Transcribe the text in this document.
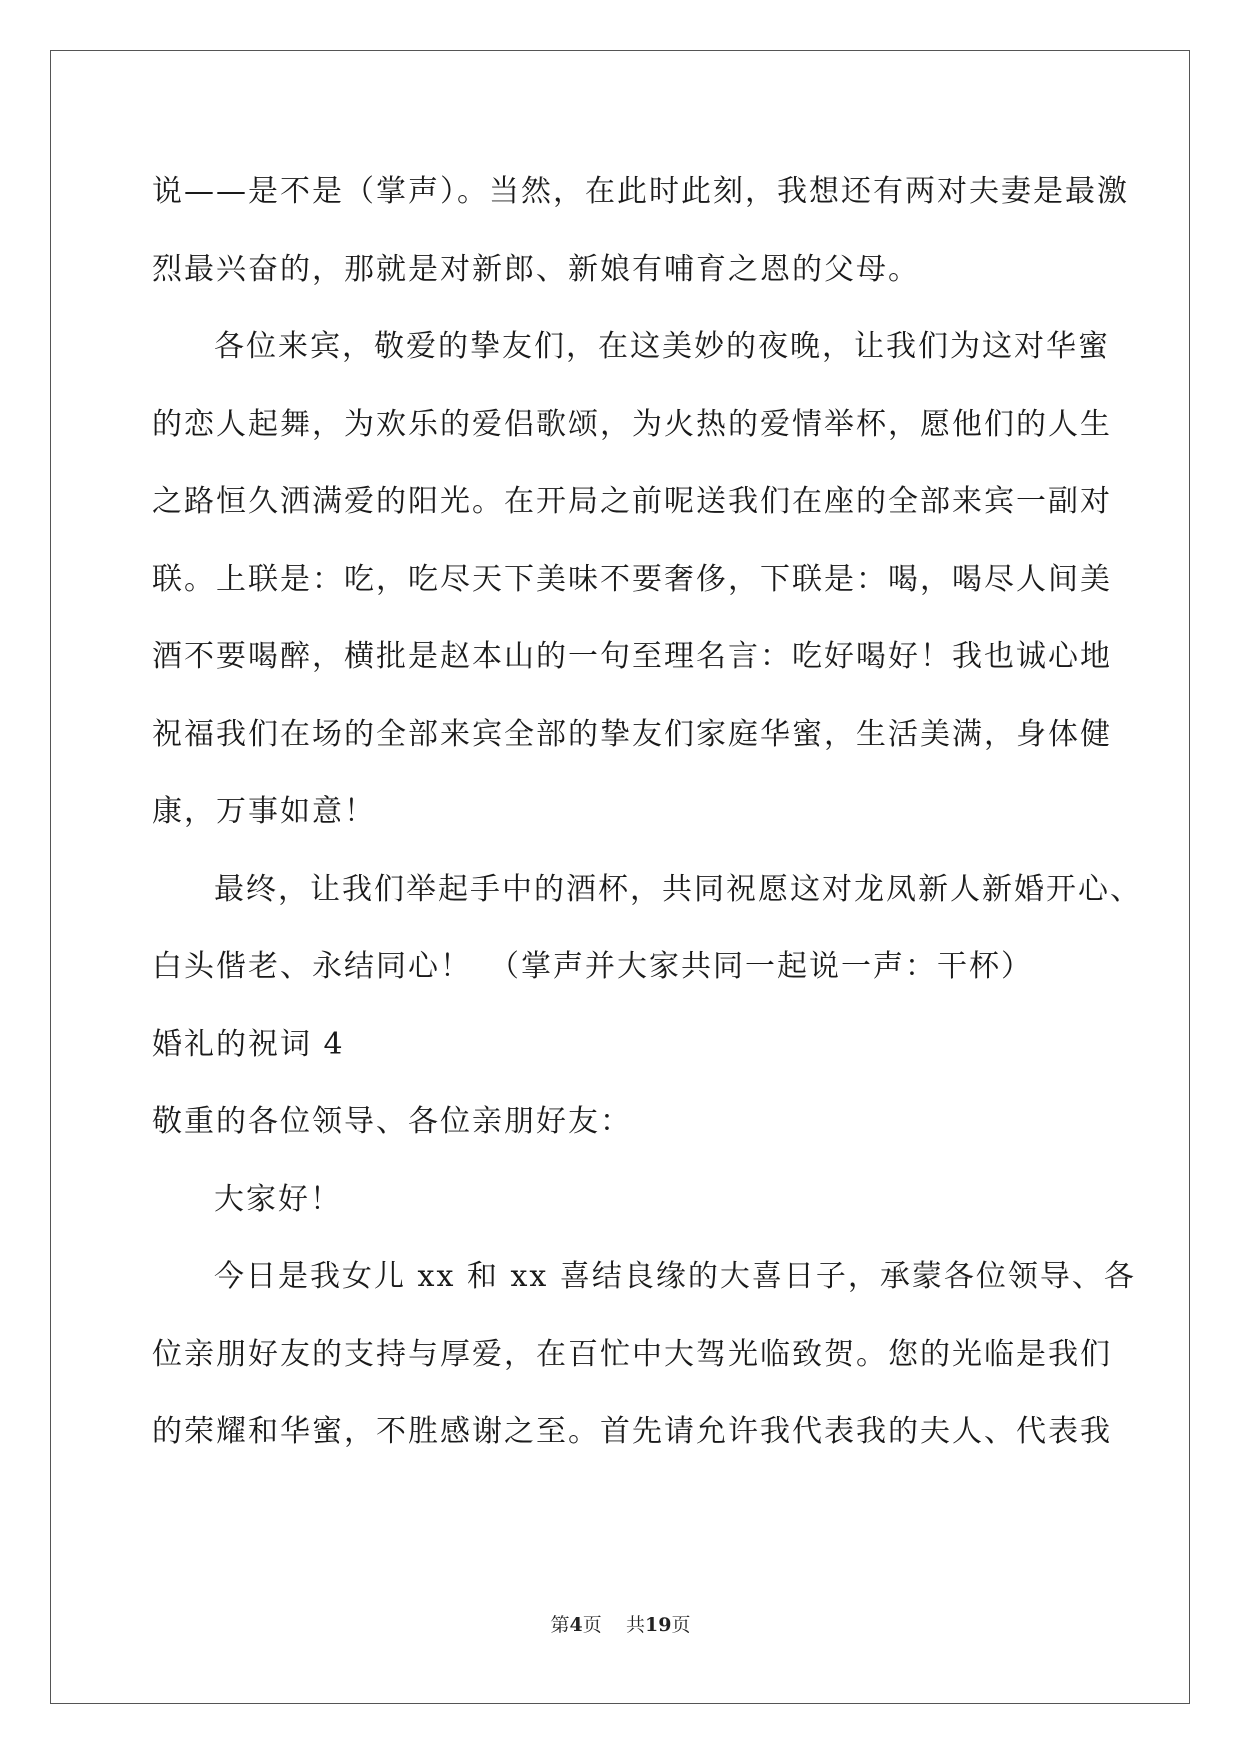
说——是不是（掌声）。当然，在此时此刻，我想还有两对夫妻是最激
烈最兴奋的，那就是对新郎、新娘有哺育之恩的父母。
各位来宾，敬爱的挚友们，在这美妙的夜晚，让我们为这对华蜜
的恋人起舞，为欢乐的爱侣歌颂，为火热的爱情举杯，愿他们的人生
之路恒久洒满爱的阳光。在开局之前呢送我们在座的全部来宾一副对
联。上联是：吃，吃尽天下美味不要奢侈，下联是：喝，喝尽人间美
酒不要喝醉，横批是赵本山的一句至理名言：吃好喝好！我也诚心地
祝福我们在场的全部来宾全部的挚友们家庭华蜜，生活美满，身体健
康，万事如意！
最终，让我们举起手中的酒杯，共同祝愿这对龙凤新人新婚开心、
白头偕老、永结同心！　（掌声并大家共同一起说一声：干杯）
婚礼的祝词 4
敬重的各位领导、各位亲朋好友：
大家好！
今日是我女儿 xx 和 xx 喜结良缘的大喜日子，承蒙各位领导、各
位亲朋好友的支持与厚爱，在百忙中大驾光临致贺。您的光临是我们
的荣耀和华蜜，不胜感谢之至。首先请允许我代表我的夫人、代表我
第4页 共19页
